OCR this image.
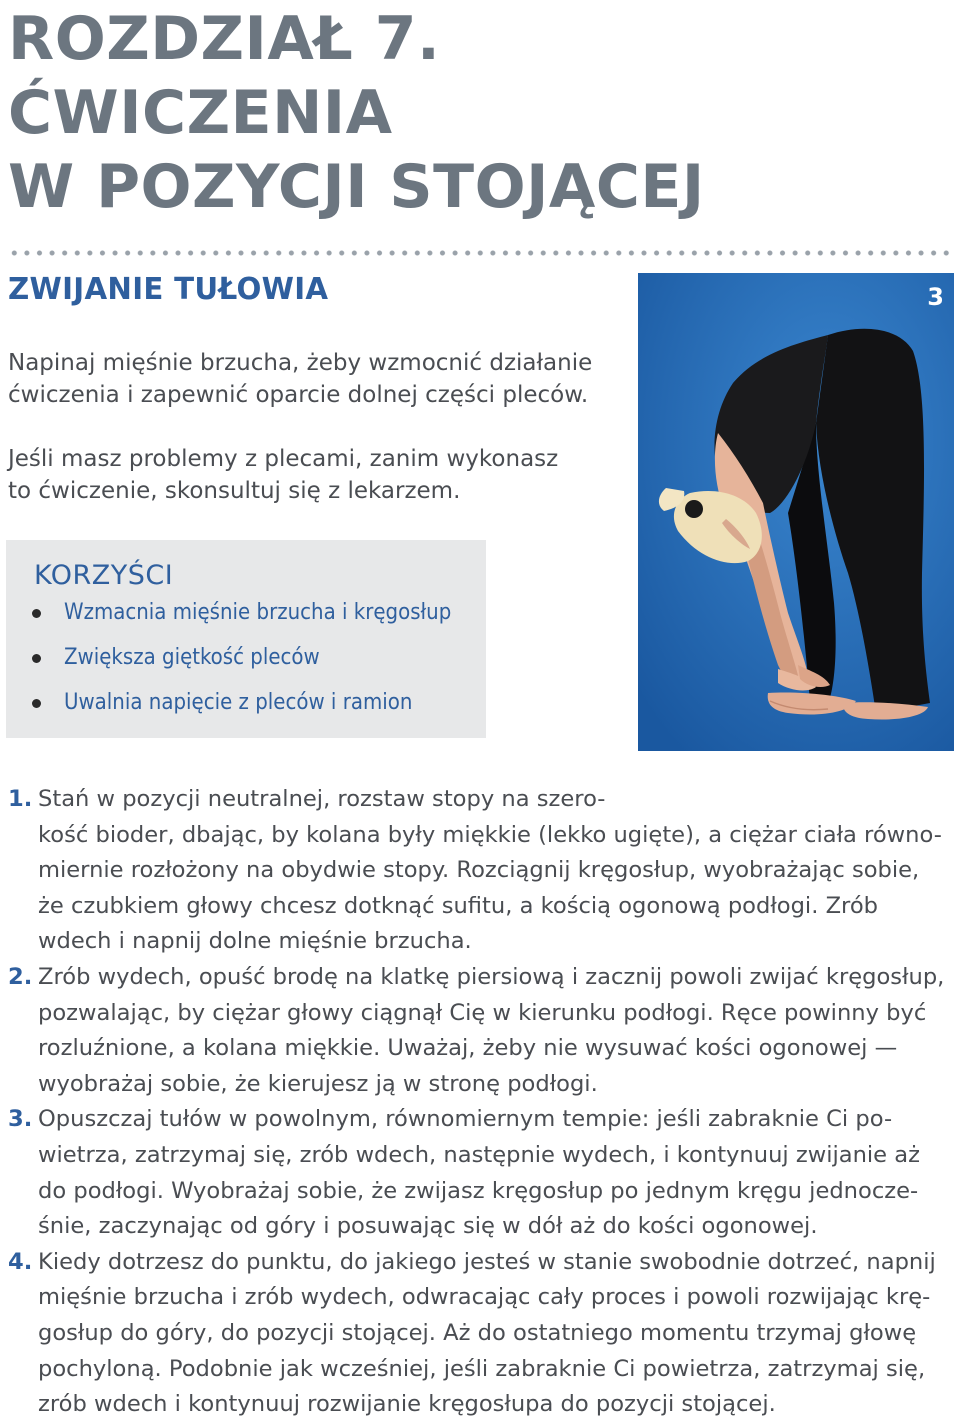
ROZDZIAŁ 7.
ĆWICZENIA
W POZYCJI STOJĄCEJ
ZWIJANIE TUŁOWIA

Napinaj mięśnie brzucha, żeby wzmocnić działanie
ćwiczenia i zapewnić oparcie dolnej części pleców.

Jeśli masz problemy z plecami, zanim wykonasz
to ćwiczenie, skonsultuj się z lekarzem.

KORZYŚCI
Wzmacnia mięśnie brzucha i kręgosłup
Zwiększa giętkość pleców
Uwalnia napięcie z pleców i ramion
3
1. Stań w pozycji neutralnej, rozstaw stopy na szero-
kość bioder, dbając, by kolana były miękkie (lekko ugięte), a ciężar ciała równo-
miernie rozłożony na obydwie stopy. Rozciągnij kręgosłup, wyobrażając sobie,
że czubkiem głowy chcesz dotknąć sufitu, a kością ogonową podłogi. Zrób
wdech i napnij dolne mięśnie brzucha.
2. Zrób wydech, opuść brodę na klatkę piersiową i zacznij powoli zwijać kręgosłup,
pozwalając, by ciężar głowy ciągnął Cię w kierunku podłogi. Ręce powinny być
rozluźnione, a kolana miękkie. Uważaj, żeby nie wysuwać kości ogonowej —
wyobrażaj sobie, że kierujesz ją w stronę podłogi.
3. Opuszczaj tułów w powolnym, równomiernym tempie: jeśli zabraknie Ci po-
wietrza, zatrzymaj się, zrób wdech, następnie wydech, i kontynuuj zwijanie aż
do podłogi. Wyobrażaj sobie, że zwijasz kręgosłup po jednym kręgu jednocze-
śnie, zaczynając od góry i posuwając się w dół aż do kości ogonowej.
4. Kiedy dotrzesz do punktu, do jakiego jesteś w stanie swobodnie dotrzeć, napnij
mięśnie brzucha i zrób wydech, odwracając cały proces i powoli rozwijając krę-
gosłup do góry, do pozycji stojącej. Aż do ostatniego momentu trzymaj głowę
pochyloną. Podobnie jak wcześniej, jeśli zabraknie Ci powietrza, zatrzymaj się,
zrób wdech i kontynuuj rozwijanie kręgosłupa do pozycji stojącej.
